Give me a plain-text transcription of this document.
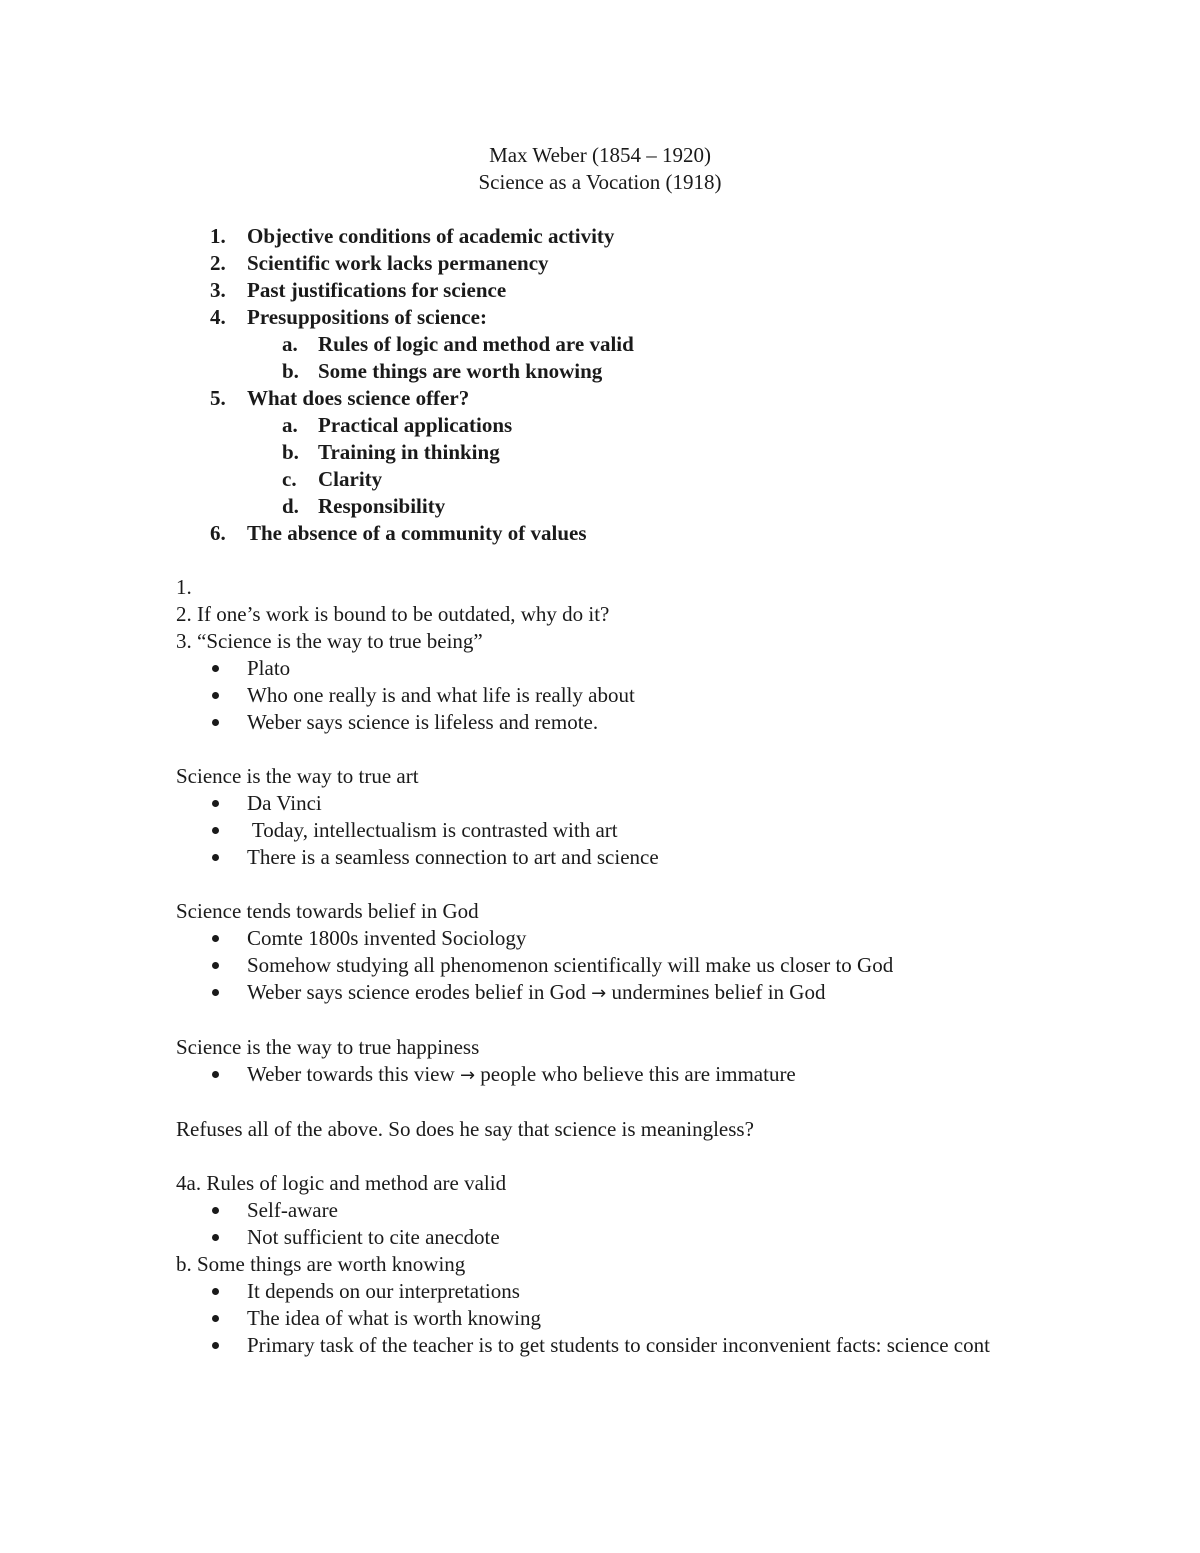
Max Weber (1854 – 1920)
Science as a Vocation (1918)
1. Objective conditions of academic activity
2. Scientific work lacks permanency
3. Past justifications for science
4. Presuppositions of science:
a. Rules of logic and method are valid
b. Some things are worth knowing
5. What does science offer?
a. Practical applications
b. Training in thinking
c. Clarity
d. Responsibility
6. The absence of a community of values
1.
2. If one’s work is bound to be outdated, why do it?
3. “Science is the way to true being”
Plato
Who one really is and what life is really about
Weber says science is lifeless and remote.
Science is the way to true art
Da Vinci
Today, intellectualism is contrasted with art
There is a seamless connection to art and science
Science tends towards belief in God
Comte 1800s invented Sociology
Somehow studying all phenomenon scientifically will make us closer to God
Weber says science erodes belief in God → undermines belief in God
Science is the way to true happiness
Weber towards this view → people who believe this are immature
Refuses all of the above. So does he say that science is meaningless?
4a. Rules of logic and method are valid
Self-aware
Not sufficient to cite anecdote
b. Some things are worth knowing
It depends on our interpretations
The idea of what is worth knowing
Primary task of the teacher is to get students to consider inconvenient facts: science cont
